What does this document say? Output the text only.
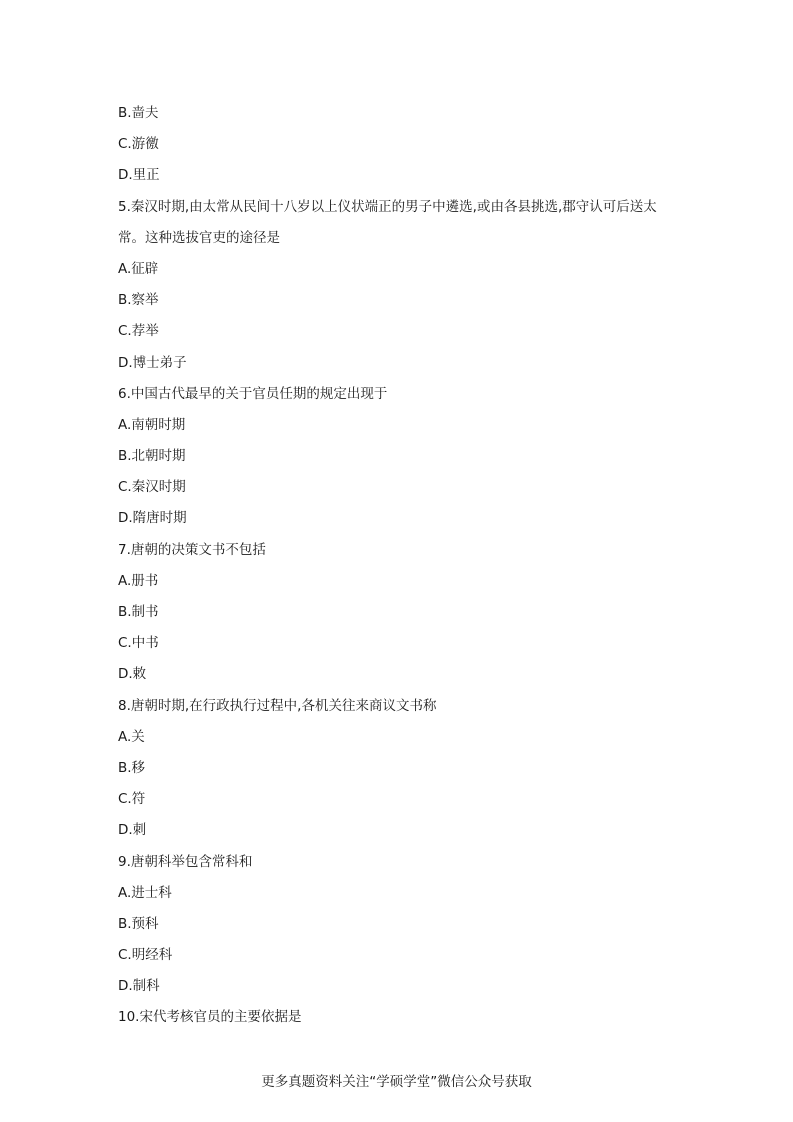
B.啬夫
C.游徼
D.里正
5.秦汉时期,由太常从民间十八岁以上仪状端正的男子中遴选,或由各县挑选,郡守认可后送太
常。这种选拔官吏的途径是
A.征辟
B.察举
C.荐举
D.博士弟子
6.中国古代最早的关于官员任期的规定出现于
A.南朝时期
B.北朝时期
C.秦汉时期
D.隋唐时期
7.唐朝的决策文书不包括
A.册书
B.制书
C.中书
D.敕
8.唐朝时期,在行政执行过程中,各机关往来商议文书称
A.关
B.移
C.符
D.刺
9.唐朝科举包含常科和
A.进士科
B.预科
C.明经科
D.制科
10.宋代考核官员的主要依据是
更多真题资料关注“学硕学堂”微信公众号获取
